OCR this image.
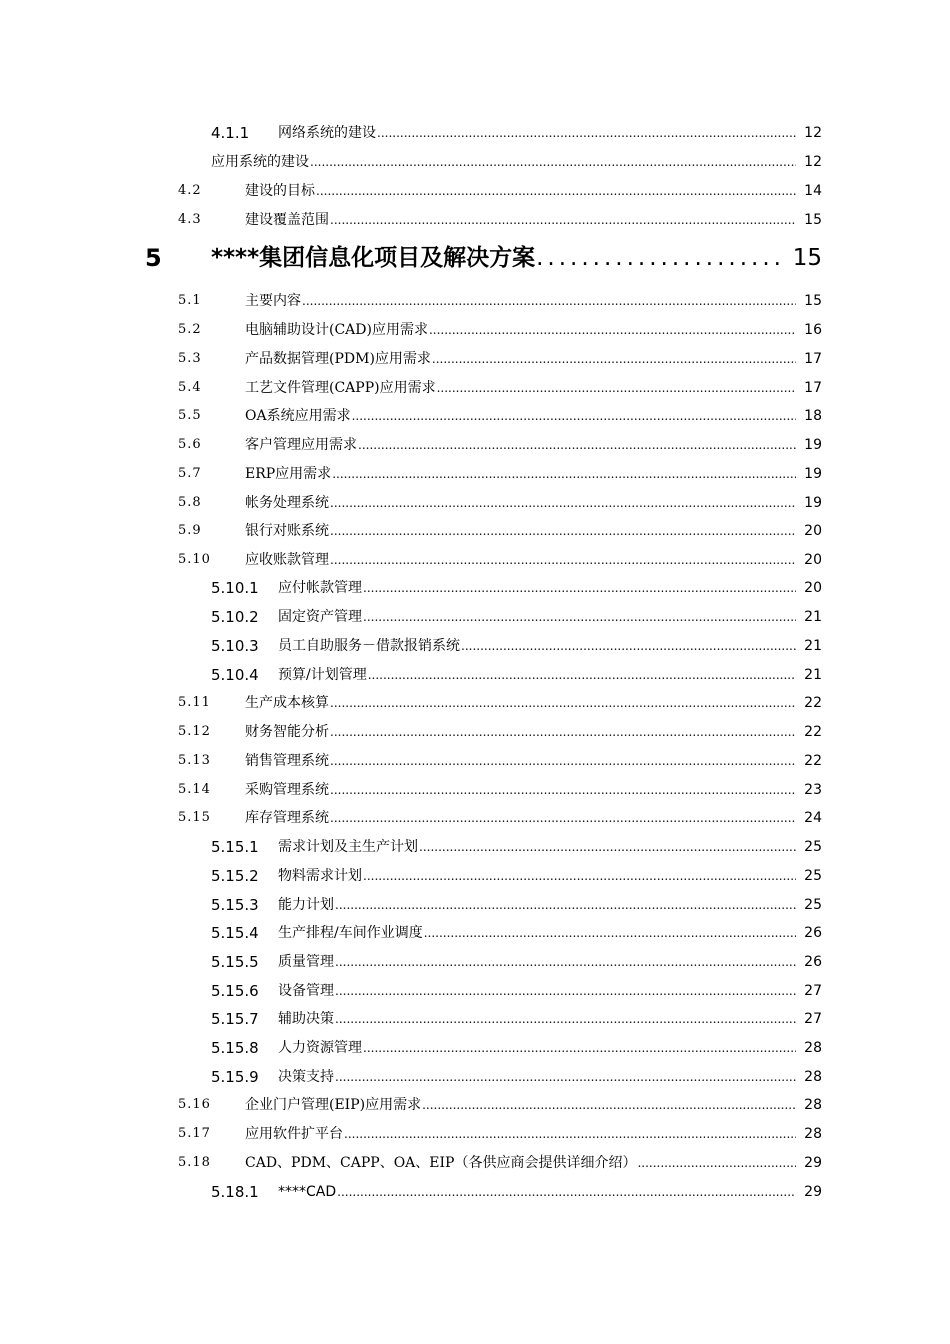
4.1.1 网络系统的建设 .....	12
应用系统的建设 .....	12
4.2	建设的目标 .....	14
4.3	建设覆盖范围 .....	15
5 ****集团信息化项目及解决方案 .....	15
5.1	主要内容 .....	15
5.2	电脑辅助设计(CAD)应用需求 .....	16
5.3	产品数据管理(PDM)应用需求 .....	17
5.4	工艺文件管理(CAPP)应用需求 .....	17
5.5	OA系统应用需求 .....	18
5.6	客户管理应用需求 .....	19
5.7	ERP应用需求 .....	19
5.8	帐务处理系统 .....	19
5.9	银行对账系统 .....	20
5.10 应收账款管理 .....	20
5.10.1 应付帐款管理 .....	20
5.10.2 固定资产管理 .....	21
5.10.3 员工自助服务－借款报销系统 .....	21
5.10.4 预算/计划管理 .....	21
5.11 生产成本核算 .....	22
5.12 财务智能分析 .....	22
5.13 销售管理系统 .....	22
5.14 采购管理系统 .....	23
5.15 库存管理系统 .....	24
5.15.1 需求计划及主生产计划 .....	25
5.15.2 物料需求计划 .....	25
5.15.3 能力计划 .....	25
5.15.4 生产排程/车间作业调度 .....	26
5.15.5 质量管理 .....	26
5.15.6 设备管理 .....	27
5.15.7 辅助决策 .....	27
5.15.8 人力资源管理 .....	28
5.15.9 决策支持 .....	28
5.16 企业门户管理(EIP)应用需求 .....	28
5.17 应用软件扩平台 .....	28
5.18 CAD、PDM、CAPP、OA、EIP（各供应商会提供详细介绍） .....	29
5.18.1 ****CAD .....	29
